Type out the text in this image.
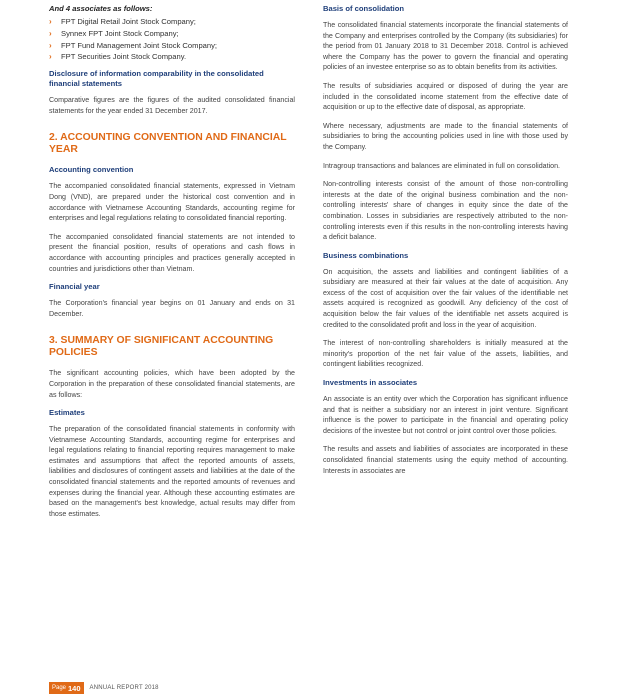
And 4 associates as follows:

›	FPT Digital Retail Joint Stock Company;
›	Synnex FPT Joint Stock Company;
›	FPT Fund Management Joint Stock Company;
›	FPT Securities Joint Stock Company.

Disclosure of information comparability in the consolidated financial statements

Comparative figures are the figures of the audited consolidated financial statements for the year ended 31 December 2017.

2. ACCOUNTING CONVENTION AND FINANCIAL YEAR

Accounting convention

The accompanied consolidated financial statements, expressed in Vietnam Dong (VND), are prepared under the historical cost convention and in accordance with Vietnamese Accounting Standards, accounting regime for enterprises and legal regulations relating to consolidated financial reporting.

The accompanied consolidated financial statements are not intended to present the financial position, results of operations and cash flows in accordance with accounting principles and practices generally accepted in countries and jurisdictions other than Vietnam.

Financial year

The Corporation's financial year begins on 01 January and ends on 31 December.

3. SUMMARY OF SIGNIFICANT ACCOUNTING POLICIES

The significant accounting policies, which have been adopted by the Corporation in the preparation of these consolidated financial statements, are as follows:

Estimates

The preparation of the consolidated financial statements in conformity with Vietnamese Accounting Standards, accounting regime for enterprises and legal regulations relating to financial reporting requires management to make estimates and assumptions that affect the reported amounts of assets, liabilities and disclosures of contingent assets and liabilities at the date of the consolidated financial statements and the reported amounts of revenues and expenses during the financial year. Although these accounting estimates are based on the management's best knowledge, actual results may differ from those estimates.

Basis of consolidation

The consolidated financial statements incorporate the financial statements of the Company and enterprises controlled by the Company (its subsidiaries) for the period from 01 January 2018 to 31 December 2018. Control is achieved where the Company has the power to govern the financial and operating policies of an investee enterprise so as to obtain benefits from its activities.

The results of subsidiaries acquired or disposed of during the year are included in the consolidated income statement from the effective date of acquisition or up to the effective date of disposal, as appropriate.

Where necessary, adjustments are made to the financial statements of subsidiaries to bring the accounting policies used in line with those used by the Company.

Intragroup transactions and balances are eliminated in full on consolidation.

Non-controlling interests consist of the amount of those non-controlling interests at the date of the original business combination and the non-controlling interests' share of changes in equity since the date of the combination. Losses in subsidiaries are respectively attributed to the non-controlling interests even if this results in the non-controlling interests having a deficit balance.

Business combinations

On acquisition, the assets and liabilities and contingent liabilities of a subsidiary are measured at their fair values at the date of acquisition. Any excess of the cost of acquisition over the fair values of the identifiable net assets acquired is recognized as goodwill. Any deficiency of the cost of acquisition below the fair values of the identifiable net assets acquired is credited to the consolidated profit and loss in the year of acquisition.

The interest of non-controlling shareholders is initially measured at the minority's proportion of the net fair value of the assets, liabilities, and contingent liabilities recognized.

Investments in associates

An associate is an entity over which the Corporation has significant influence and that is neither a subsidiary nor an interest in joint venture. Significant influence is the power to participate in the financial and operating policy decisions of the investee but not control or joint control over those policies.

The results and assets and liabilities of associates are incorporated in these consolidated financial statements using the equity method of accounting. Interests in associates are

Page 140 ANNUAL REPORT 2018
